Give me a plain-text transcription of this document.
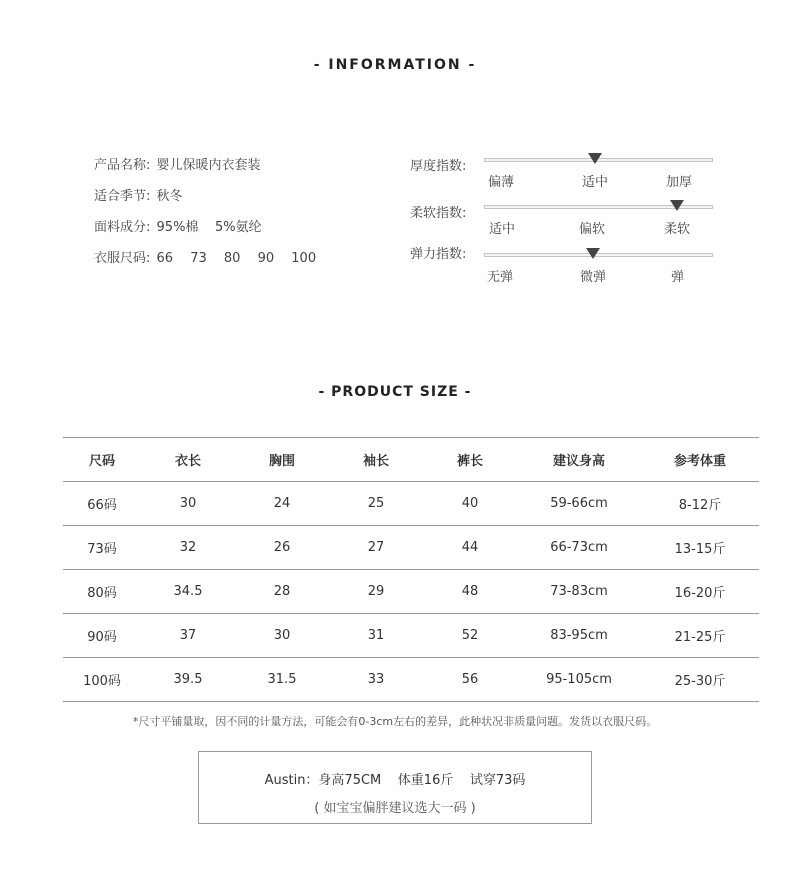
- INFORMATION -
产品名称: 婴儿保暖内衣套装
适合季节: 秋冬
面料成分: 95%棉    5%氨纶
衣服尺码: 66 73 80 90 100
厚度指数:
偏薄	适中	加厚
柔软指数:
适中	偏软	柔软
弹力指数:
无弹	微弹	弹
- PRODUCT SIZE -
尺码	衣长	胸围	袖长	裤长	建议身高	参考体重
66码	30	24	25	40	59-66cm	8-12斤
73码	32	26	27	44	66-73cm	13-15斤
80码	34.5	28	29	48	73-83cm	16-20斤
90码	37	30	31	52	83-95cm	21-25斤
100码	39.5	31.5	33	56	95-105cm	25-30斤
*尺寸平铺量取，因不同的计量方法，可能会有0-3cm左右的差异，此种状况非质量问题。发货以衣服尺码。
Austin：身高75CM    体重16斤    试穿73码
( 如宝宝偏胖建议选大一码 )
